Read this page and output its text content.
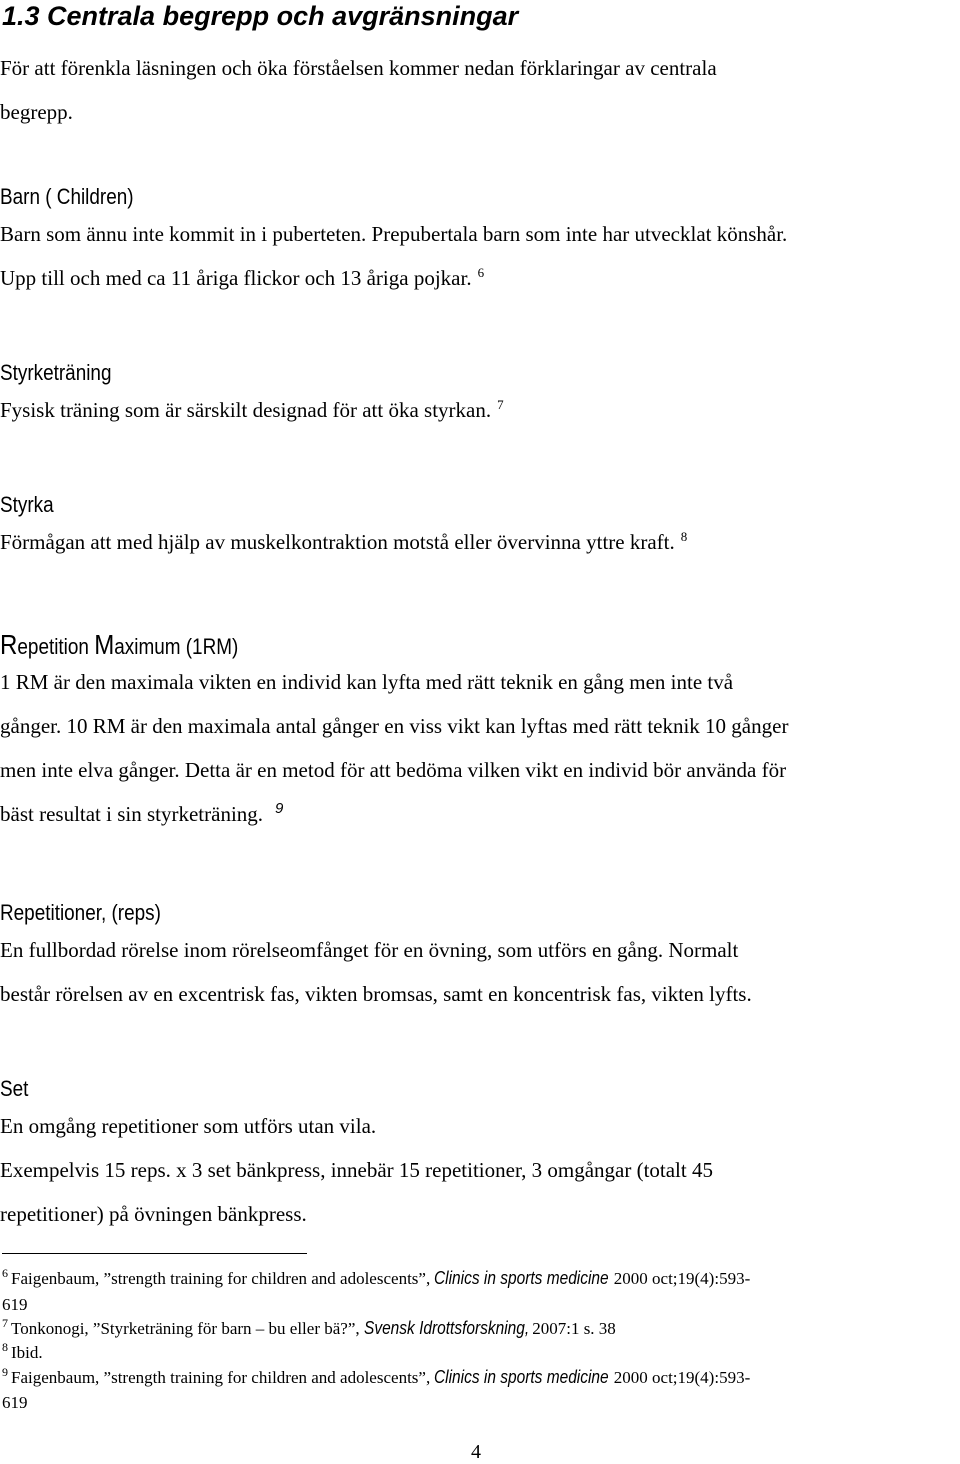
1.3 Centrala begrepp och avgränsningar

För att förenkla läsningen och öka förståelsen kommer nedan förklaringar av centrala
begrepp.

Barn ( Children)

Barn som ännu inte kommit in i puberteten. Prepubertala barn som inte har utvecklat könshår.
Upp till och med ca 11 åriga flickor och 13 åriga pojkar. $^6$

Styrketräning

Fysisk träning som är särskilt designad för att öka styrkan. $^7$

Styrka

Förmågan att med hjälp av muskelkontraktion motstå eller övervinna yttre kraft. $^8$

Repetition Maximum (1RM)

1 RM är den maximala vikten en individ kan lyfta med rätt teknik en gång men inte två
gånger. 10 RM är den maximala antal gånger en viss vikt kan lyftas med rätt teknik 10 gånger
men inte elva gånger. Detta är en metod för att bedöma vilken vikt en individ bör använda för
bäst resultat i sin styrketräning. $^9$

Repetitioner, (reps)

En fullbordad rörelse inom rörelseomfånget för en övning, som utförs en gång. Normalt
består rörelsen av en excentrisk fas, vikten bromsas, samt en koncentrisk fas, vikten lyfts.

Set

En omgång repetitioner som utförs utan vila.
Exempelvis 15 reps. x 3 set bänkpress, innebär 15 repetitioner, 3 omgångar (totalt 45
repetitioner) på övningen bänkpress.

$^6$ Faigenbaum, ”strength training for children and adolescents”, Clinics in sports medicine 2000 oct;19(4):593-
619
$^7$ Tonkonogi, ”Styrketräning för barn – bu eller bä?”, Svensk Idrottsforskning, 2007:1 s. 38
$^8$ Ibid.
$^9$ Faigenbaum, ”strength training for children and adolescents”, Clinics in sports medicine 2000 oct;19(4):593-
619
4
